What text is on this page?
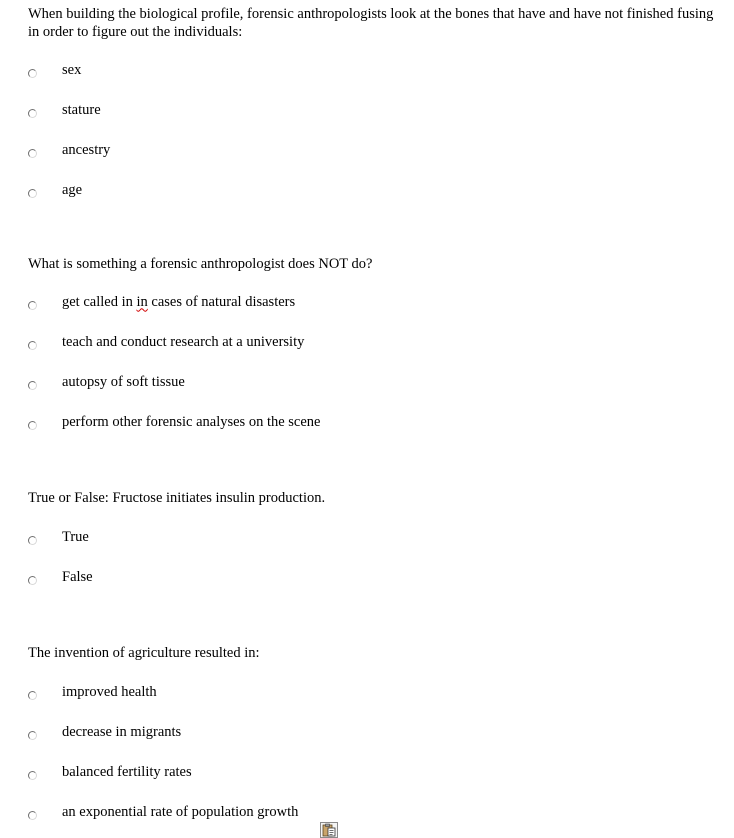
When building the biological profile, forensic anthropologists look at the bones that have and have not finished fusing in order to figure out the individuals:
sex
stature
ancestry
age
What is something a forensic anthropologist does NOT do?
get called in in cases of natural disasters
teach and conduct research at a university
autopsy of soft tissue
perform other forensic analyses on the scene
True or False: Fructose initiates insulin production.
True
False
The invention of agriculture resulted in:
improved health
decrease in migrants
balanced fertility rates
an exponential rate of population growth
